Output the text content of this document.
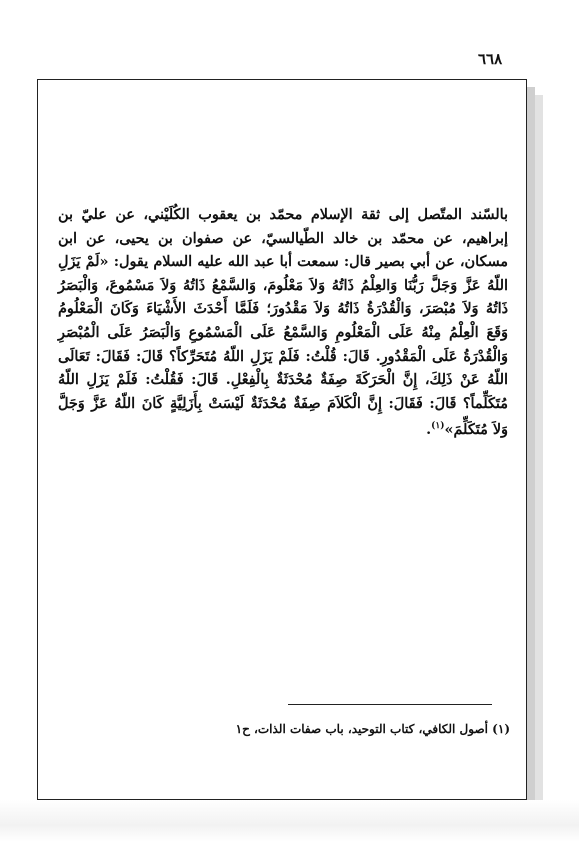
٦٦٨

بالسّند المتّصل إلى ثقة الإسلام محمّد بن يعقوب الكُلَيْني، عن عليّ بن إبراهيم، عن محمّد بن خالد الطّيالسيّ، عن صفوان بن يحيى، عن ابن مسكان، عن أبي بصير قال: سمعت أبا عبد الله عليه السلام يقول: «لَمْ يَزَلِ اللّهُ عَزَّ وَجَلَّ رَبُّنَا وَالعِلْمُ ذَاتُهُ وَلاَ مَعْلُومَ، وَالسَّمْعُ ذَاتُهُ وَلاَ مَسْمُوعَ، وَالْبَصَرُ ذَاتُهُ وَلاَ مُبْصَرَ، وَالْقُدْرَةُ ذَاتُهُ وَلاَ مَقْدُورَ؛ فَلَمَّا أَحْدَثَ الأَشْيَاءَ وَكَانَ الْمَعْلُومُ وَقَعَ الْعِلْمُ مِنْهُ عَلَى الْمَعْلُومِ وَالسَّمْعُ عَلَى الْمَسْمُوعِ وَالْبَصَرُ عَلَى الْمُبْصَرِ وَالْقُدْرَةُ عَلَى الْمَقْدُورِ. قَالَ: قُلْتُ: فَلَمْ يَزَلِ اللّهُ مُتَحَرِّكاً؟ قَالَ: فَقَالَ: تَعَالَى اللّهُ عَنْ ذَلِكَ، إِنَّ الْحَرَكَةَ صِفَةٌ مُحْدَثَةٌ بِالْفِعْلِ. قَالَ: فَقُلْتُ: فَلَمْ يَزَلِ اللّهُ مُتَكَلِّماً؟ قَالَ: فَقَالَ: إِنَّ الْكَلاَمَ صِفَةٌ مُحْدَثَةٌ لَيْسَتْ بِأَزَلِيَّةٍ كَانَ اللّهُ عَزَّ وَجَلَّ وَلاَ مُتَكَلِّمَ»$^{(١)}$.

(١) أصول الكافي، كتاب التوحيد، باب صفات الذات، ح١
